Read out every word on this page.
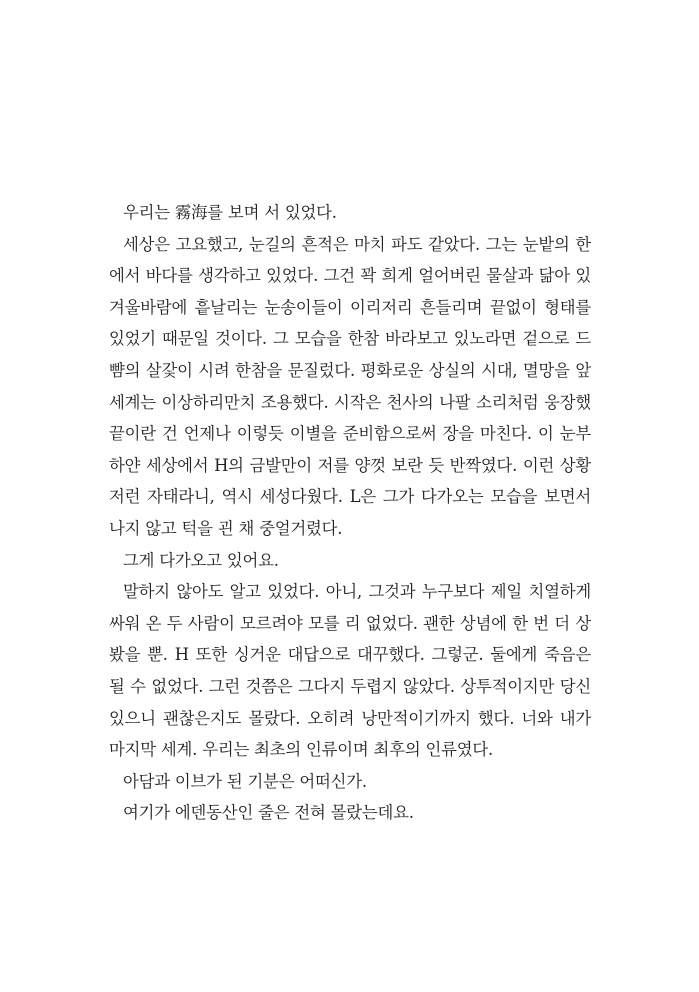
우리는 霧海를 보며 서 있었다.
세상은 고요했고, 눈길의 흔적은 마치 파도 같았다. 그는 눈밭의 한
에서 바다를 생각하고 있었다. 그건 꽉 희게 얼어버린 물살과 닮아 있
겨울바람에 흩날리는 눈송이들이 이리저리 흔들리며 끝없이 형태를
있었기 때문일 것이다. 그 모습을 한참 바라보고 있노라면 겉으로 드
뺨의 살갗이 시려 한참을 문질렀다. 평화로운 상실의 시대, 멸망을 앞
세계는 이상하리만치 조용했다. 시작은 천사의 나팔 소리처럼 웅장했
끝이란 건 언제나 이렇듯 이별을 준비함으로써 장을 마친다. 이 눈부
하얀 세상에서 H의 금발만이 저를 양껏 보란 듯 반짝였다. 이런 상황
저런 자태라니, 역시 세성다웠다. L은 그가 다가오는 모습을 보면서
나지 않고 턱을 괸 채 중얼거렸다.
그게 다가오고 있어요.
말하지 않아도 알고 있었다. 아니, 그것과 누구보다 제일 치열하게
싸워 온 두 사람이 모르려야 모를 리 없었다. 괜한 상념에 한 번 더 상
봤을 뿐. H 또한 싱거운 대답으로 대꾸했다. 그렇군. 둘에게 죽음은
될 수 없었다. 그런 것쯤은 그다지 두렵지 않았다. 상투적이지만 당신
있으니 괜찮은지도 몰랐다. 오히려 낭만적이기까지 했다. 너와 내가
마지막 세계. 우리는 최초의 인류이며 최후의 인류였다.
아담과 이브가 된 기분은 어떠신가.
여기가 에덴동산인 줄은 전혀 몰랐는데요.
